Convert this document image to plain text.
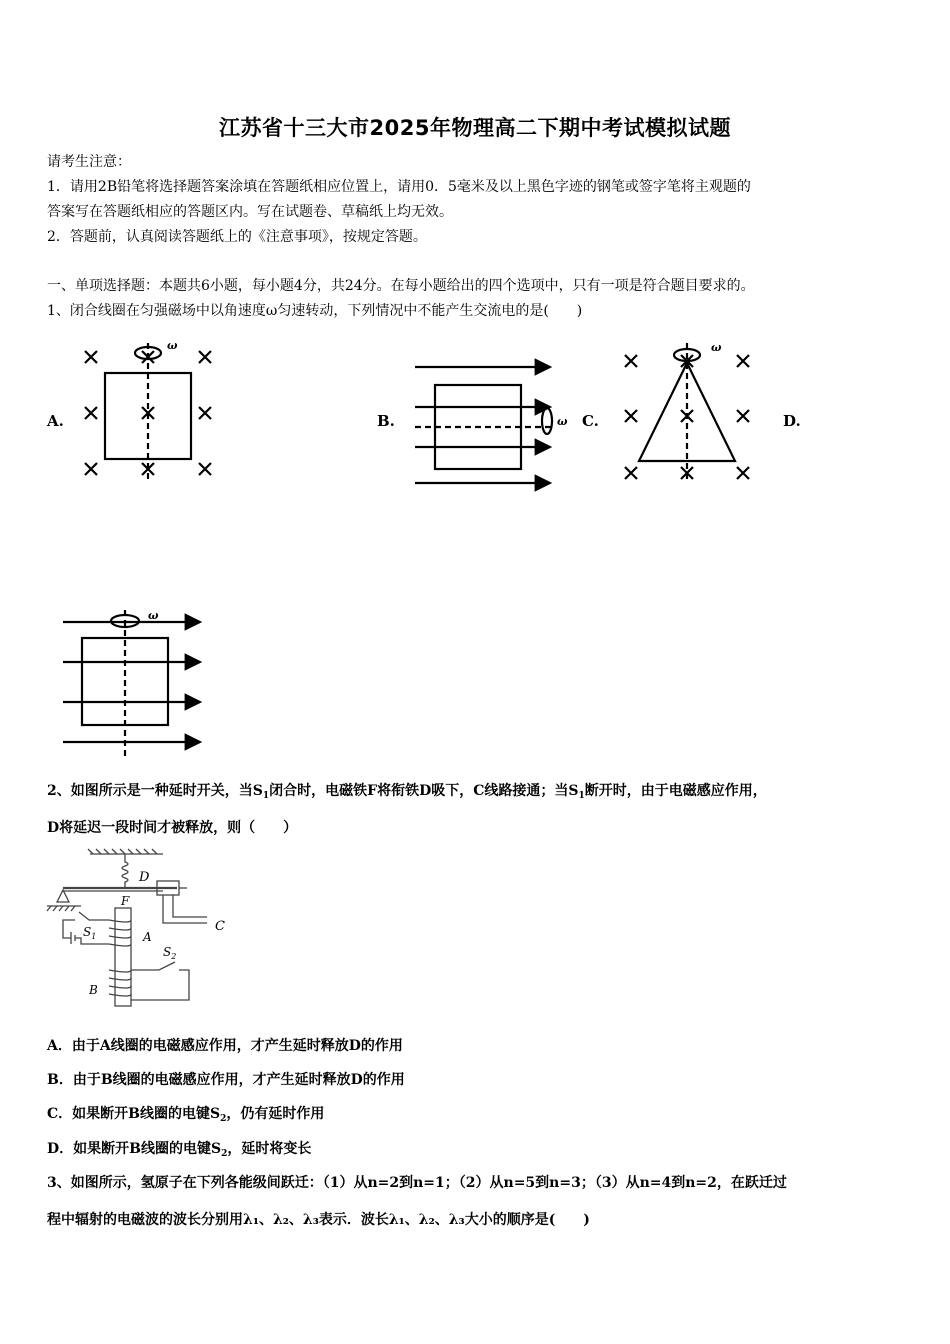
江苏省十三大市2025年物理高二下期中考试模拟试题
请考生注意：
1．请用2B铅笔将选择题答案涂填在答题纸相应位置上，请用0．5毫米及以上黑色字迹的钢笔或签字笔将主观题的
答案写在答题纸相应的答题区内。写在试题卷、草稿纸上均无效。
2．答题前，认真阅读答题纸上的《注意事项》，按规定答题。
一、单项选择题：本题共6小题，每小题4分，共24分。在每小题给出的四个选项中，只有一项是符合题目要求的。
1、闭合线圈在匀强磁场中以角速度ω匀速转动，下列情况中不能产生交流电的是(　　)
A.	B.	C.	D.
ω
ω
ω
ω
2、如图所示是一种延时开关，当$S_1$闭合时，电磁铁F将衔铁D吸下，C线路接通；当$S_1$断开时，由于电磁感应作用，
D将延迟一段时间才被释放，则（　　）
D
C
F
A
B
$S_1$
$S_2$
A．由于A线圈的电磁感应作用，才产生延时释放D的作用
B．由于B线圈的电磁感应作用，才产生延时释放D的作用
C．如果断开B线圈的电键$S_2$，仍有延时作用
D．如果断开B线圈的电键$S_2$，延时将变长
3、如图所示，氢原子在下列各能级间跃迁：（1）从n=2到n=1；（2）从n=5到n=3；（3）从n=4到n=2，在跃迁过
程中辐射的电磁波的波长分别用λ₁、λ₂、λ₃表示．波长λ₁、λ₂、λ₃大小的顺序是(　　)
